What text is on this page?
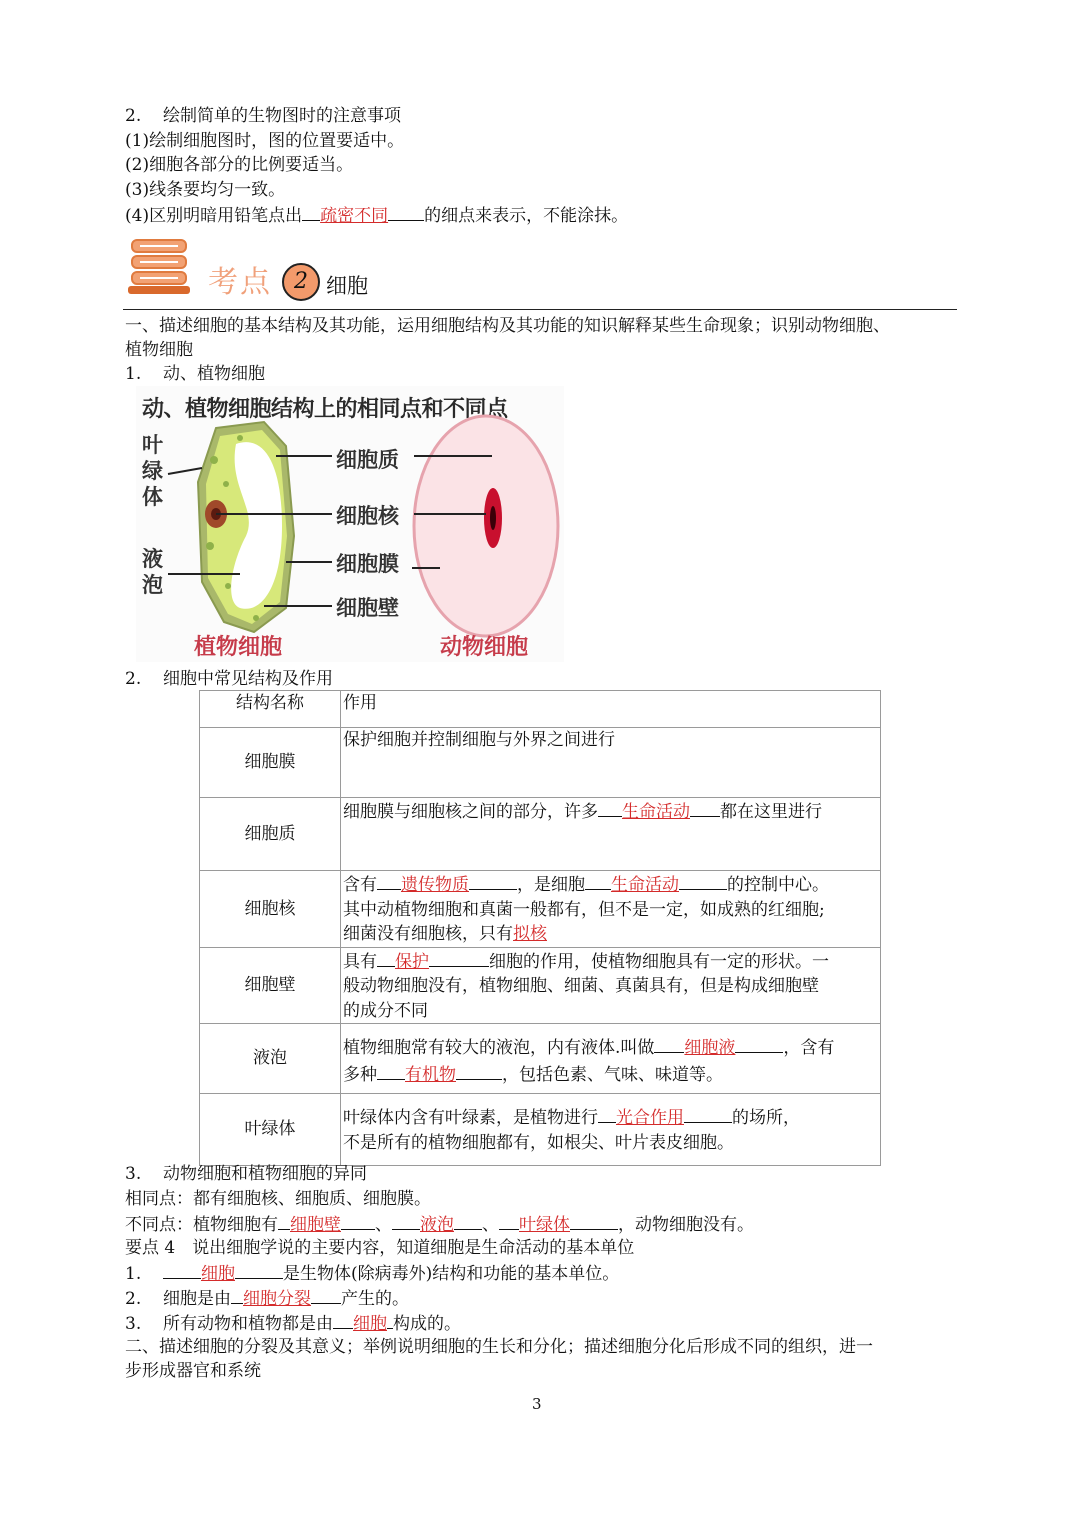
2. 绘制简单的生物图时的注意事项
(1)绘制细胞图时，图的位置要适中。
(2)细胞各部分的比例要适当。
(3)线条要均匀一致。
(4)区别明暗用铅笔点出 疏密不同 的细点来表示，不能涂抹。
考点	2 细胞
一、描述细胞的基本结构及其功能，运用细胞结构及其功能的知识解释某些生命现象；识别动物细胞、
植物细胞
1. 动、植物细胞
动、植物细胞结构上的相同点和不同点
叶绿体
液泡
细胞质
细胞核
细胞膜
细胞壁
植物细胞	动物细胞
2. 细胞中常见结构及作用
结构名称	作用
细胞膜	保护细胞并控制细胞与外界之间进行
细胞质	细胞膜与细胞核之间的部分，许多 生命活动 都在这里进行
细胞核	含有 遗传物质 ，是细胞 生命活动 的控制中心。
其中动植物细胞和真菌一般都有，但不是一定，如成熟的红细胞;
细菌没有细胞核，只有拟核

细胞壁	具有 保护 细胞的作用，使植物细胞具有一定的形状。一
般动物细胞没有，植物细胞、细菌、真菌具有，但是构成细胞壁
的成分不同

液泡	植物细胞常有较大的液泡，内有液体.叫做 细胞液 ，含有
多种 有机物 ，包括色素、气味、味道等。

叶绿体	叶绿体内含有叶绿素，是植物进行 光合作用 的场所，
不是所有的植物细胞都有，如根尖、叶片表皮细胞。
3. 动物细胞和植物细胞的异同
相同点：都有细胞核、细胞质、细胞膜。
不同点：植物细胞有 细胞壁 、 液泡 、 叶绿体	，动物细胞没有。
要点 4　说出细胞学说的主要内容，知道细胞是生命活动的基本单位
1.	细胞	是生物体(除病毒外)结构和功能的基本单位。
2. 细胞是由 细胞分裂 产生的。
3. 所有动物和植物都是由 细胞 构成的。
二、描述细胞的分裂及其意义；举例说明细胞的生长和分化；描述细胞分化后形成不同的组织，进一
步形成器官和系统
3
